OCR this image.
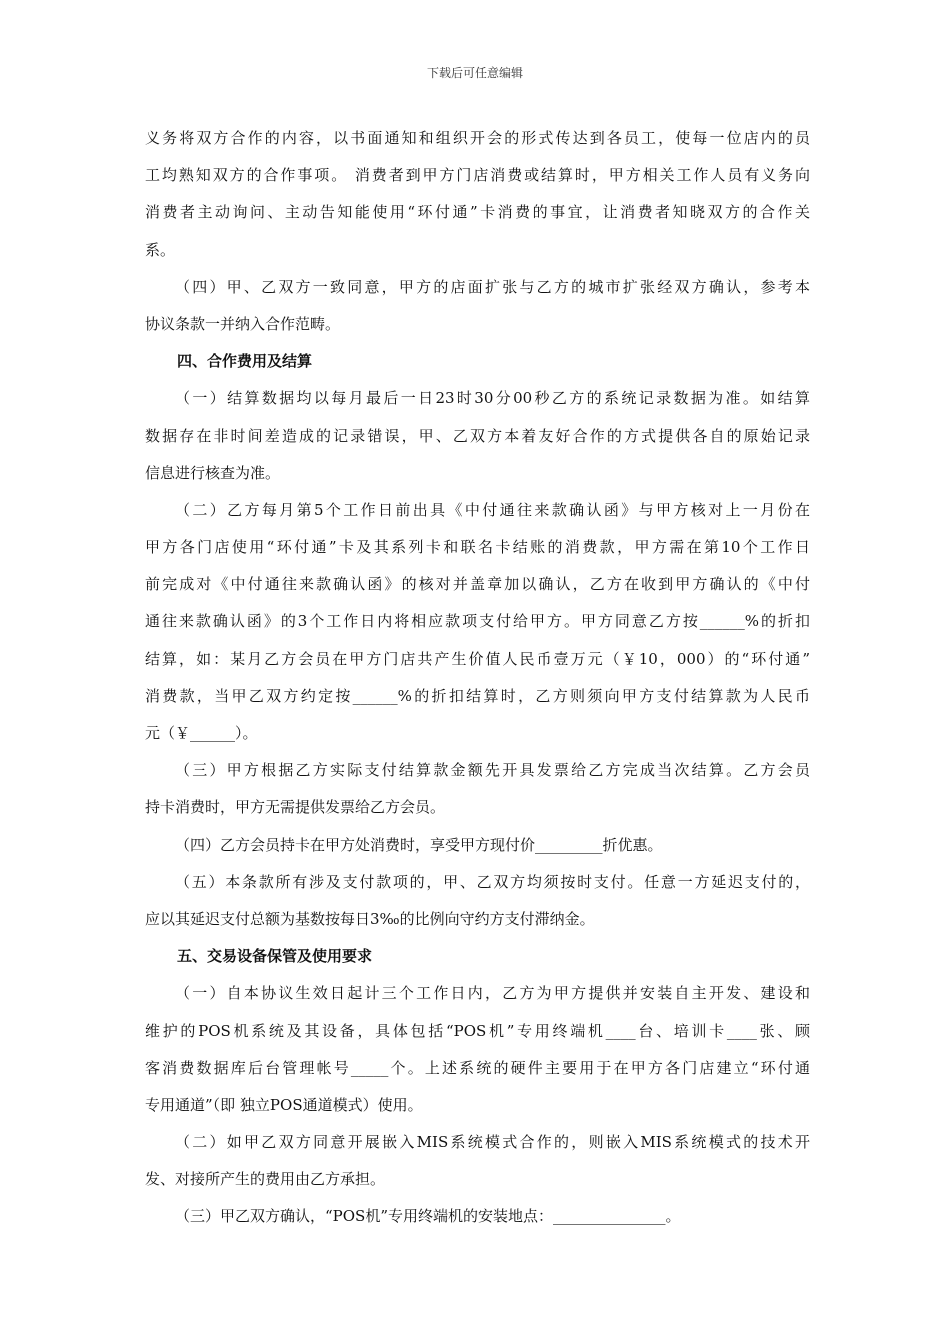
下载后可任意编辑
义务将双方合作的内容，以书面通知和组织开会的形式传达到各员工，使每一位店内的员
工均熟知双方的合作事项。 消费者到甲方门店消费或结算时，甲方相关工作人员有义务向
消费者主动询问、主动告知能使用“环付通”卡消费的事宜，让消费者知晓双方的合作关
系。
（四）甲、乙双方一致同意，甲方的店面扩张与乙方的城市扩张经双方确认，参考本
协议条款一并纳入合作范畴。
四、合作费用及结算
（一）结算数据均以每月最后一日23时30分00秒乙方的系统记录数据为准。如结算
数据存在非时间差造成的记录错误，甲、乙双方本着友好合作的方式提供各自的原始记录
信息进行核查为准。
（二）乙方每月第5个工作日前出具《中付通往来款确认函》与甲方核对上一月份在
甲方各门店使用“环付通”卡及其系列卡和联名卡结账的消费款，甲方需在第10个工作日
前完成对《中付通往来款确认函》的核对并盖章加以确认，乙方在收到甲方确认的《中付
通往来款确认函》的3个工作日内将相应款项支付给甲方。甲方同意乙方按______%的折扣
结算，如：某月乙方会员在甲方门店共产生价值人民币壹万元（￥10，000）的“环付通”
消费款，当甲乙双方约定按______%的折扣结算时，乙方则须向甲方支付结算款为人民币
元（￥______）。
（三）甲方根据乙方实际支付结算款金额先开具发票给乙方完成当次结算。乙方会员
持卡消费时，甲方无需提供发票给乙方会员。
（四）乙方会员持卡在甲方处消费时，享受甲方现付价_________折优惠。
（五）本条款所有涉及支付款项的，甲、乙双方均须按时支付。任意一方延迟支付的，
应以其延迟支付总额为基数按每日3‰的比例向守约方支付滞纳金。
五、交易设备保管及使用要求
（一）自本协议生效日起计三个工作日内，乙方为甲方提供并安装自主开发、建设和
维护的POS机系统及其设备，具体包括“POS机”专用终端机____台、培训卡____张、顾
客消费数据库后台管理帐号_____个。上述系统的硬件主要用于在甲方各门店建立“环付通
专用通道”（即 独立POS通道模式）使用。
（二）如甲乙双方同意开展嵌入MIS系统模式合作的，则嵌入MIS系统模式的技术开
发、对接所产生的费用由乙方承担。
（三）甲乙双方确认，“POS机”专用终端机的安装地点：_______________。
